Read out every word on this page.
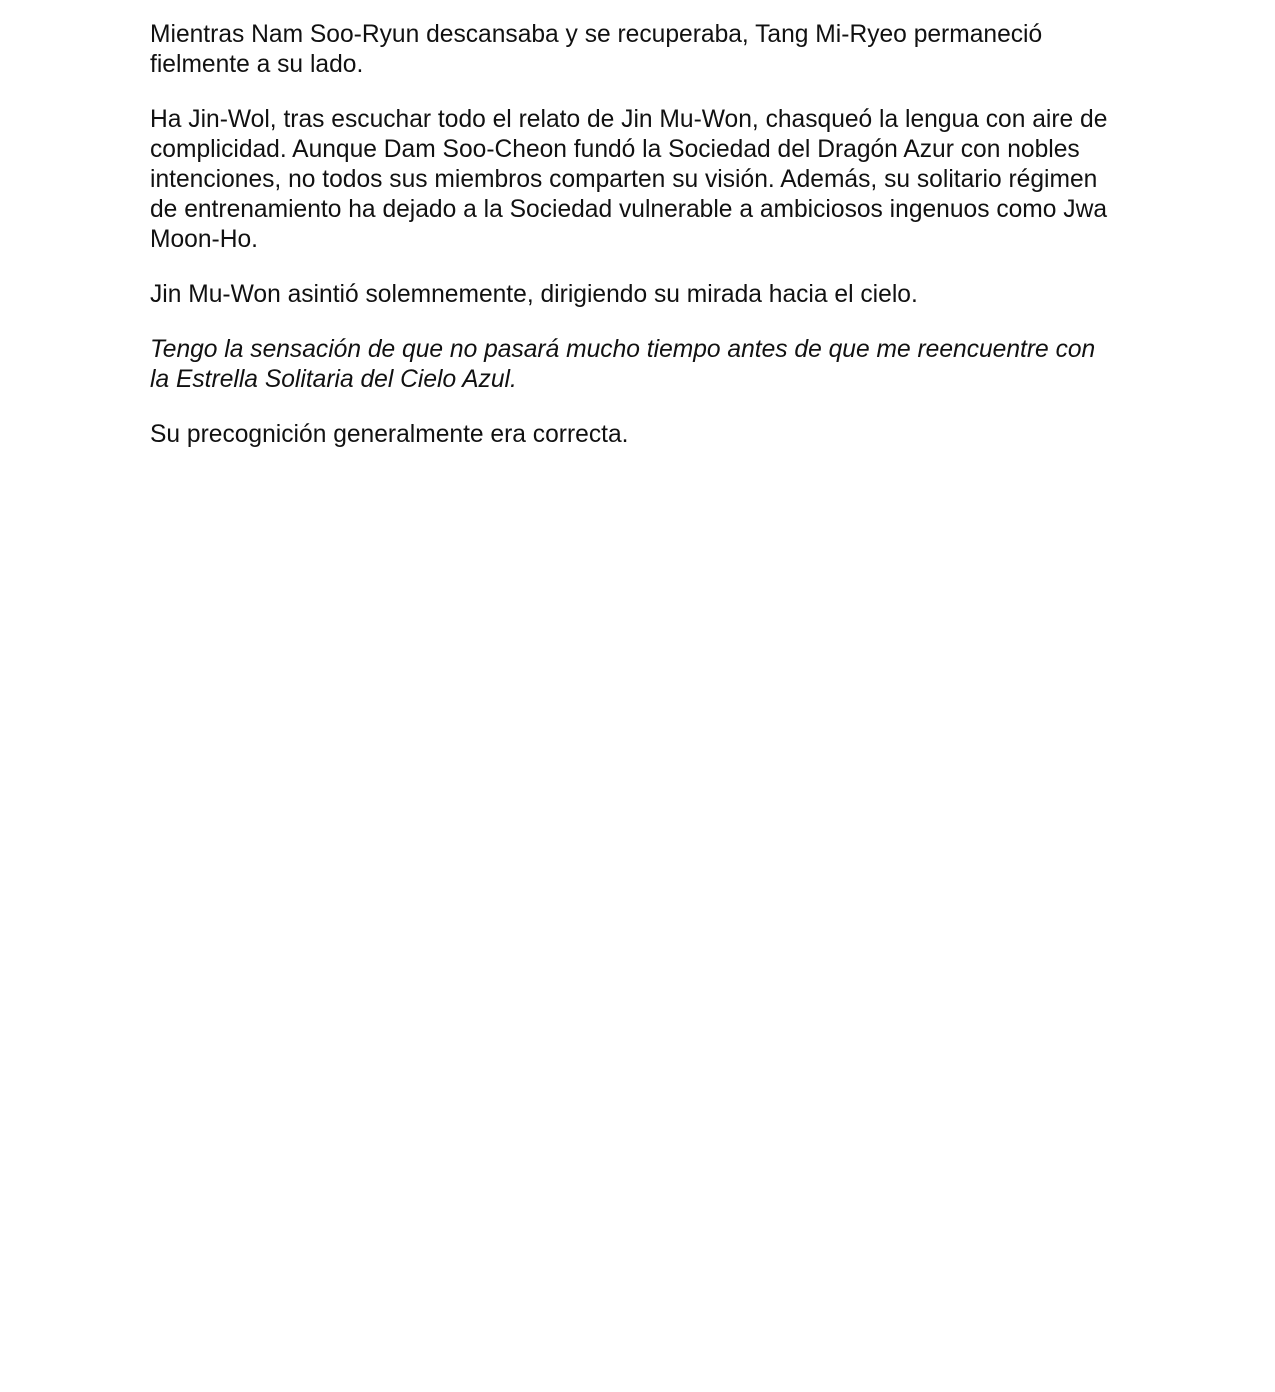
Mientras Nam Soo-Ryun descansaba y se recuperaba, Tang Mi-Ryeo permaneció
fielmente a su lado.

Ha Jin-Wol, tras escuchar todo el relato de Jin Mu-Won, chasqueó la lengua con aire de
complicidad. Aunque Dam Soo-Cheon fundó la Sociedad del Dragón Azur con nobles
intenciones, no todos sus miembros comparten su visión. Además, su solitario régimen
de entrenamiento ha dejado a la Sociedad vulnerable a ambiciosos ingenuos como Jwa
Moon-Ho.

Jin Mu-Won asintió solemnemente, dirigiendo su mirada hacia el cielo.

Tengo la sensación de que no pasará mucho tiempo antes de que me reencuentre con
la Estrella Solitaria del Cielo Azul.

Su precognición generalmente era correcta.
